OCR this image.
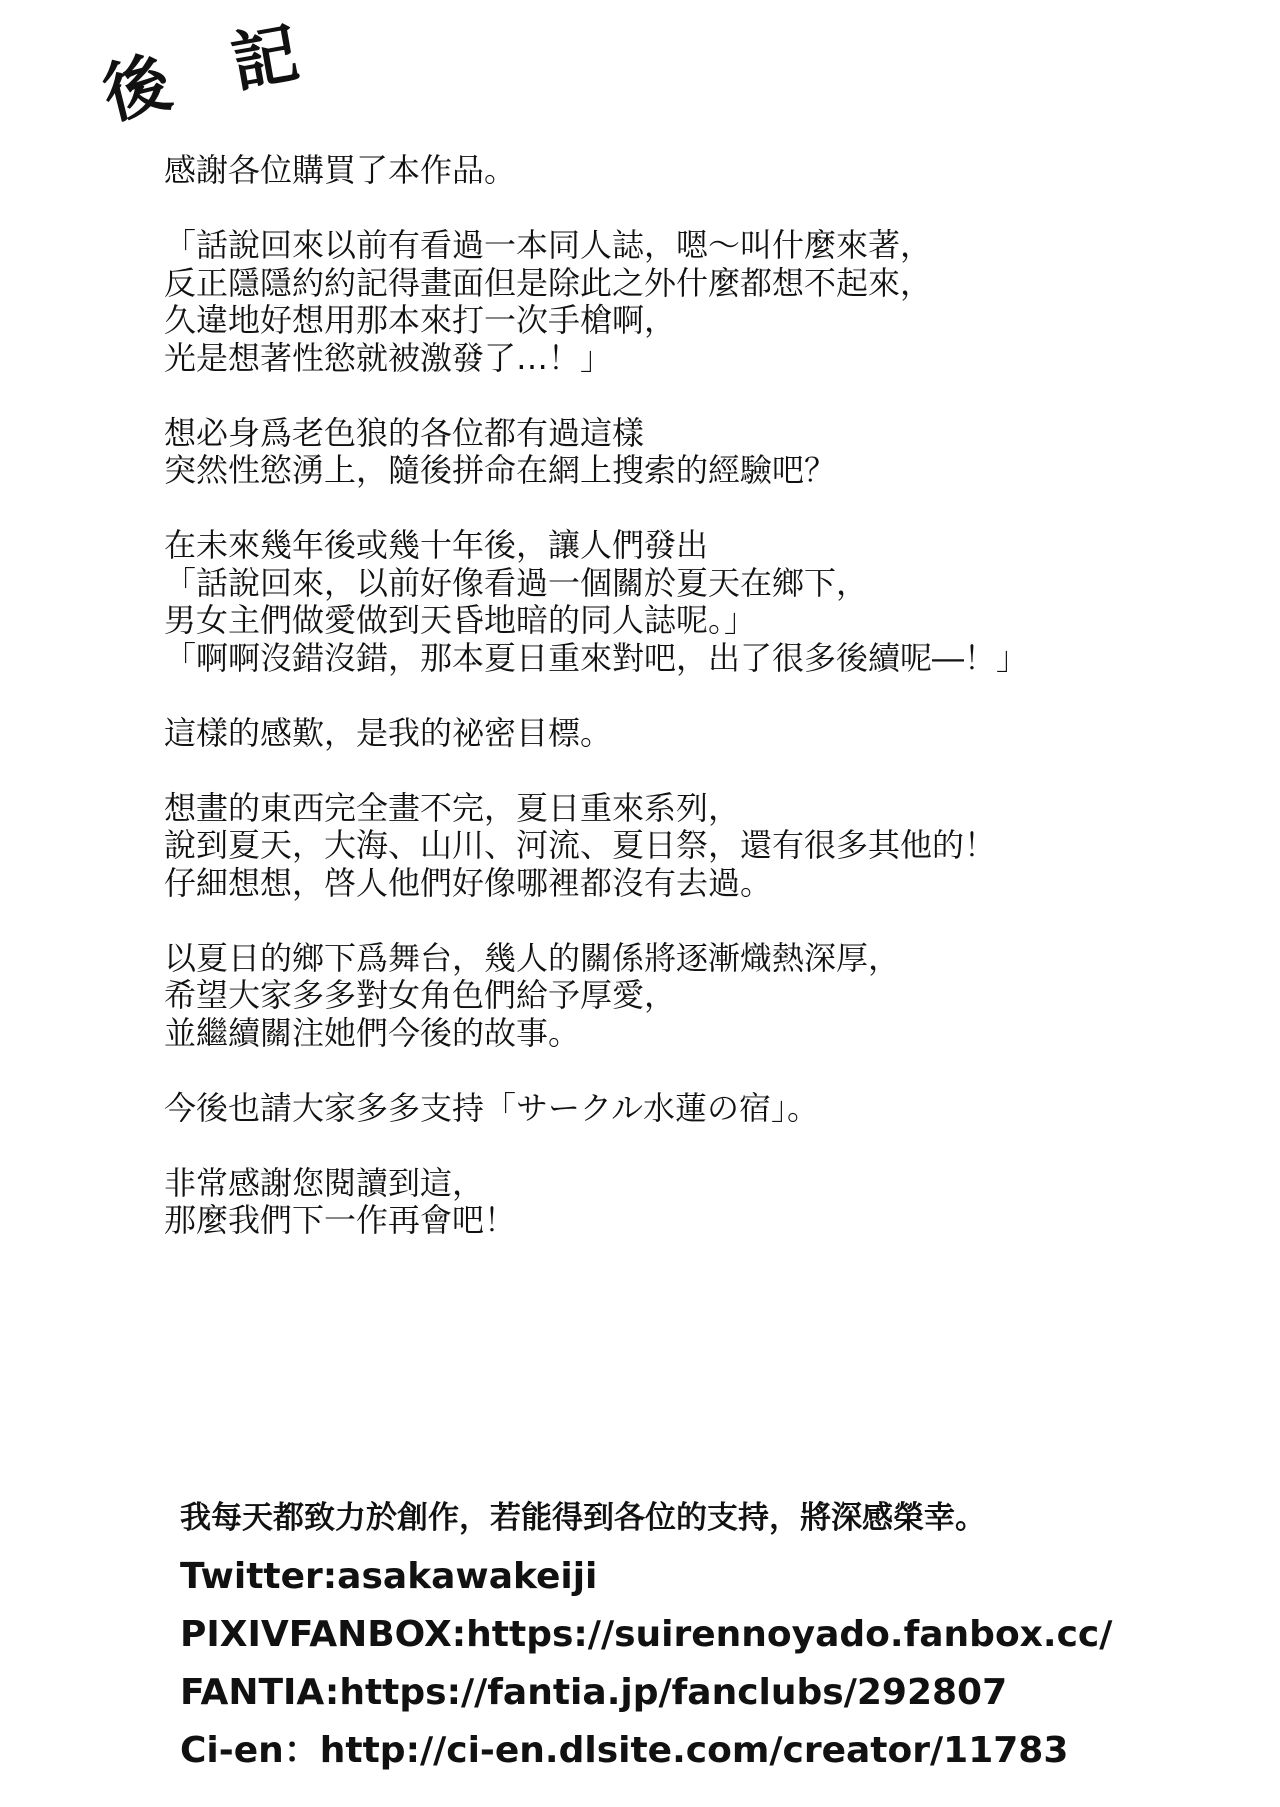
後 記
感謝各位購買了本作品。
「話說回來以前有看過一本同人誌，嗯～叫什麼來著，
反正隱隱約約記得畫面但是除此之外什麼都想不起來，
久違地好想用那本來打一次手槍啊，
光是想著性慾就被激發了…！」
想必身爲老色狼的各位都有過這樣
突然性慾湧上，隨後拼命在網上搜索的經驗吧？
在未來幾年後或幾十年後，讓人們發出
「話說回來，以前好像看過一個關於夏天在鄉下，
男女主們做愛做到天昏地暗的同人誌呢。」
「啊啊沒錯沒錯，那本夏日重來對吧，出了很多後續呢―！」
這樣的感歎，是我的祕密目標。
想畫的東西完全畫不完，夏日重來系列，
說到夏天，大海、山川、河流、夏日祭，還有很多其他的！
仔細想想，啓人他們好像哪裡都沒有去過。
以夏日的鄉下爲舞台，幾人的關係將逐漸熾熱深厚，
希望大家多多對女角色們給予厚愛，
並繼續關注她們今後的故事。
今後也請大家多多支持「サークル水蓮の宿」。
非常感謝您閱讀到這，
那麼我們下一作再會吧！
我每天都致力於創作，若能得到各位的支持，將深感榮幸。
Twitter:asakawakeiji
PIXIVFANBOX:https://suirennoyado.fanbox.cc/
FANTIA:https://fantia.jp/fanclubs/292807
Ci-en：http://ci-en.dlsite.com/creator/11783
